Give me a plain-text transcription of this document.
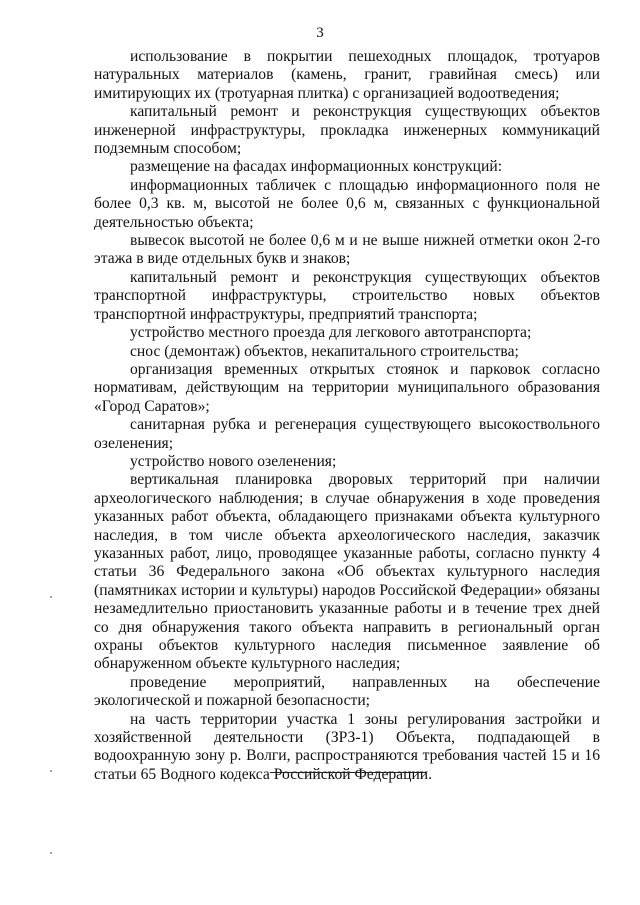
3

использование в покрытии пешеходных площадок, тротуаров натуральных материалов (камень, гранит, гравийная смесь) или имитирующих их (тротуарная плитка) с организацией водоотведения;

капитальный ремонт и реконструкция существующих объектов инженерной инфраструктуры, прокладка инженерных коммуникаций подземным способом;

размещение на фасадах информационных конструкций:

информационных табличек с площадью информационного поля не более 0,3 кв. м, высотой не более 0,6 м, связанных с функциональной деятельностью объекта;

вывесок высотой не более 0,6 м и не выше нижней отметки окон 2-го этажа в виде отдельных букв и знаков;

капитальный ремонт и реконструкция существующих объектов транспортной инфраструктуры, строительство новых объектов транспортной инфраструктуры, предприятий транспорта;

устройство местного проезда для легкового автотранспорта;

снос (демонтаж) объектов, некапитального строительства;

организация временных открытых стоянок и парковок согласно нормативам, действующим на территории муниципального образования «Город Саратов»;

санитарная рубка и регенерация существующего высокоствольного озеленения;

устройство нового озеленения;

вертикальная планировка дворовых территорий при наличии археологического наблюдения; в случае обнаружения в ходе проведения указанных работ объекта, обладающего признаками объекта культурного наследия, в том числе объекта археологического наследия, заказчик указанных работ, лицо, проводящее указанные работы, согласно пункту 4 статьи 36 Федерального закона «Об объектах культурного наследия (памятниках истории и культуры) народов Российской Федерации» обязаны незамедлительно приостановить указанные работы и в течение трех дней со дня обнаружения такого объекта направить в региональный орган охраны объектов культурного наследия письменное заявление об обнаруженном объекте культурного наследия;

проведение мероприятий, направленных на обеспечение экологической и пожарной безопасности;

на часть территории участка 1 зоны регулирования застройки и хозяйственной деятельности (ЗРЗ-1) Объекта, подпадающей в водоохранную зону р. Волги, распространяются требования частей 15 и 16 статьи 65 Водного кодекса Российской Федерации.
